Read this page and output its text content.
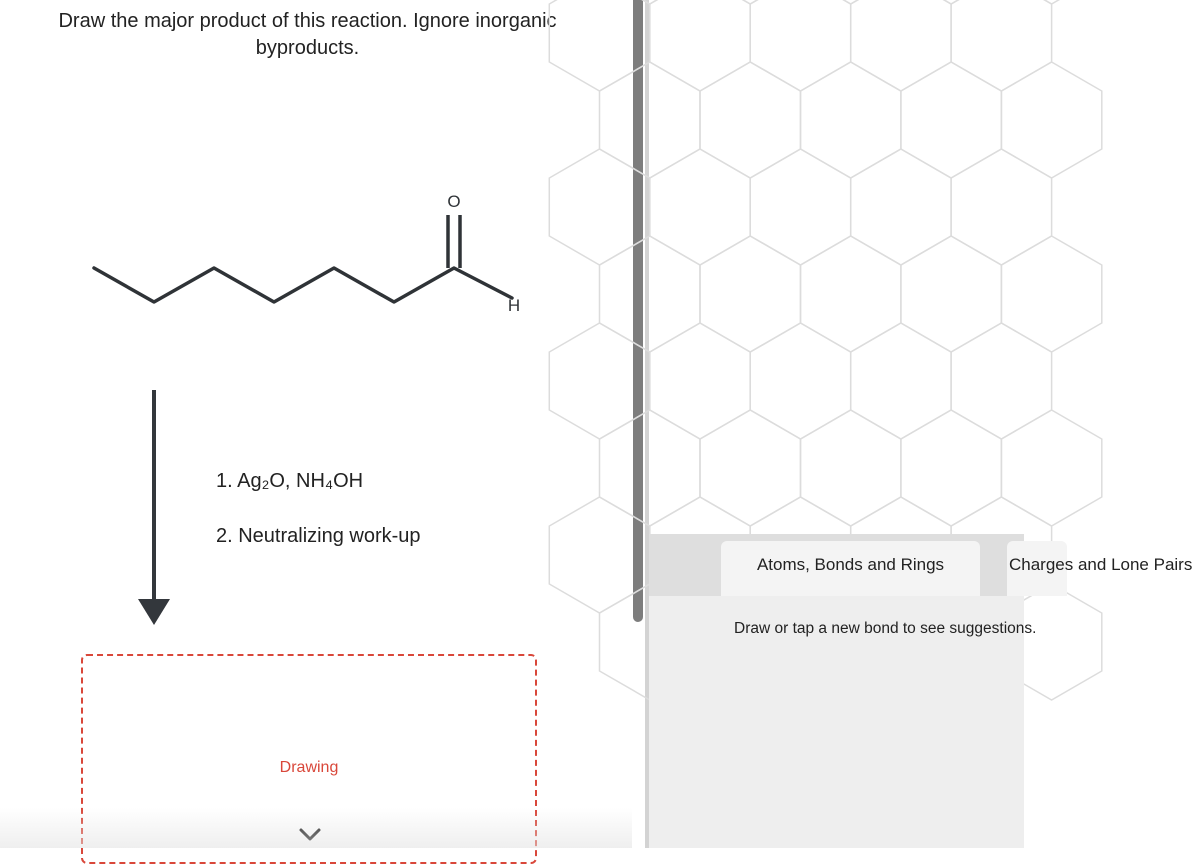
Draw the major product of this reaction. Ignore inorganic
byproducts.
O
H
1. Ag₂O, NH₄OH
2. Neutralizing work-up
Drawing
Atoms, Bonds and Rings	Charges and Lone Pairs
Draw or tap a new bond to see suggestions.
